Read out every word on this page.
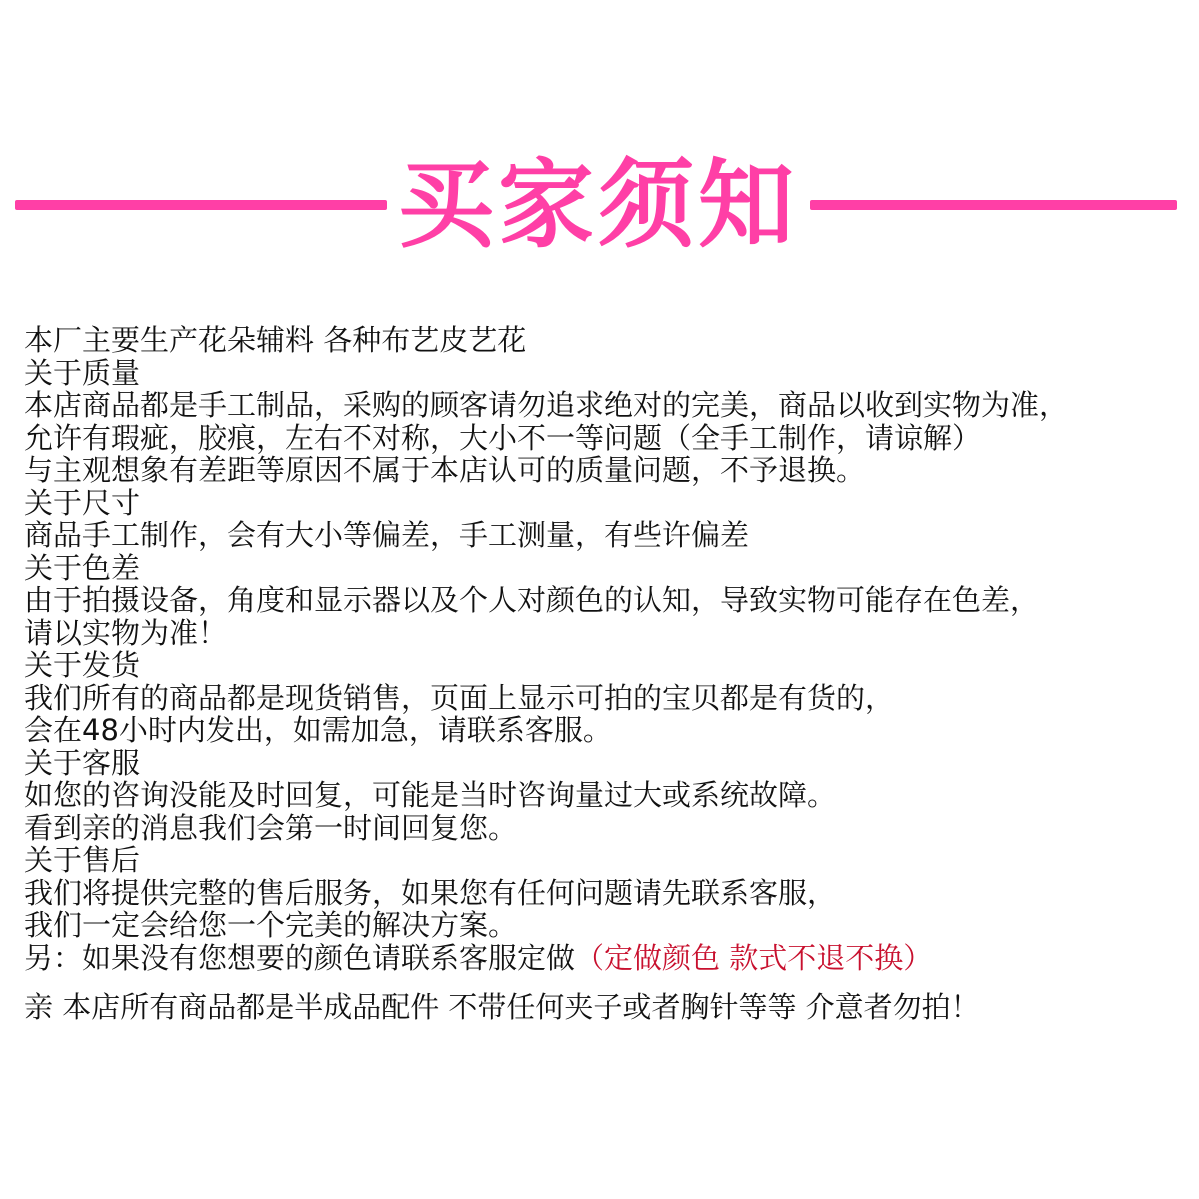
买家须知
本厂主要生产花朵辅料 各种布艺皮艺花
关于质量
本店商品都是手工制品，采购的顾客请勿追求绝对的完美，商品以收到实物为准，
允许有瑕疵，胶痕，左右不对称，大小不一等问题（全手工制作，请谅解）
与主观想象有差距等原因不属于本店认可的质量问题，不予退换。
关于尺寸
商品手工制作，会有大小等偏差，手工测量，有些许偏差
关于色差
由于拍摄设备，角度和显示器以及个人对颜色的认知，导致实物可能存在色差，
请以实物为准！
关于发货
我们所有的商品都是现货销售，页面上显示可拍的宝贝都是有货的，
会在48小时内发出，如需加急，请联系客服。
关于客服
如您的咨询没能及时回复，可能是当时咨询量过大或系统故障。
看到亲的消息我们会第一时间回复您。
关于售后
我们将提供完整的售后服务，如果您有任何问题请先联系客服，
我们一定会给您一个完美的解决方案。
另：如果没有您想要的颜色请联系客服定做（定做颜色 款式不退不换）
亲 本店所有商品都是半成品配件 不带任何夹子或者胸针等等 介意者勿拍！
